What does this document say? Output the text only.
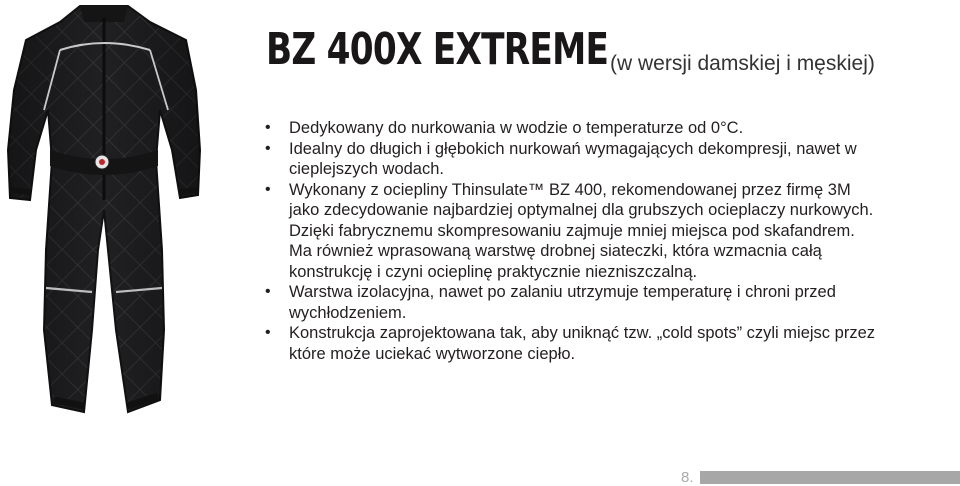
BZ 400X EXTREME (w wersji damskiej i męskiej)
• Dedykowany do nurkowania w wodzie o temperaturze od 0°C.
• Idealny do długich i głębokich nurkowań wymagających dekompresji, nawet w cieplejszych wodach.
• Wykonany z ociepliny Thinsulate™ BZ 400, rekomendowanej przez firmę 3M jako zdecydowanie najbardziej optymalnej dla grubszych ocieplaczy nurkowych. Dzięki fabrycznemu skompresowaniu zajmuje mniej miejsca pod skafandrem. Ma również wprasowaną warstwę drobnej siateczki, która wzmacnia całą konstrukcję i czyni ocieplinę praktycznie niezniszczalną.
• Warstwa izolacyjna, nawet po zalaniu utrzymuje temperaturę i chroni przed wychłodzeniem.
• Konstrukcja zaprojektowana tak, aby uniknąć tzw. „cold spots” czyli miejsc przez które może uciekać wytworzone ciepło.
8.
